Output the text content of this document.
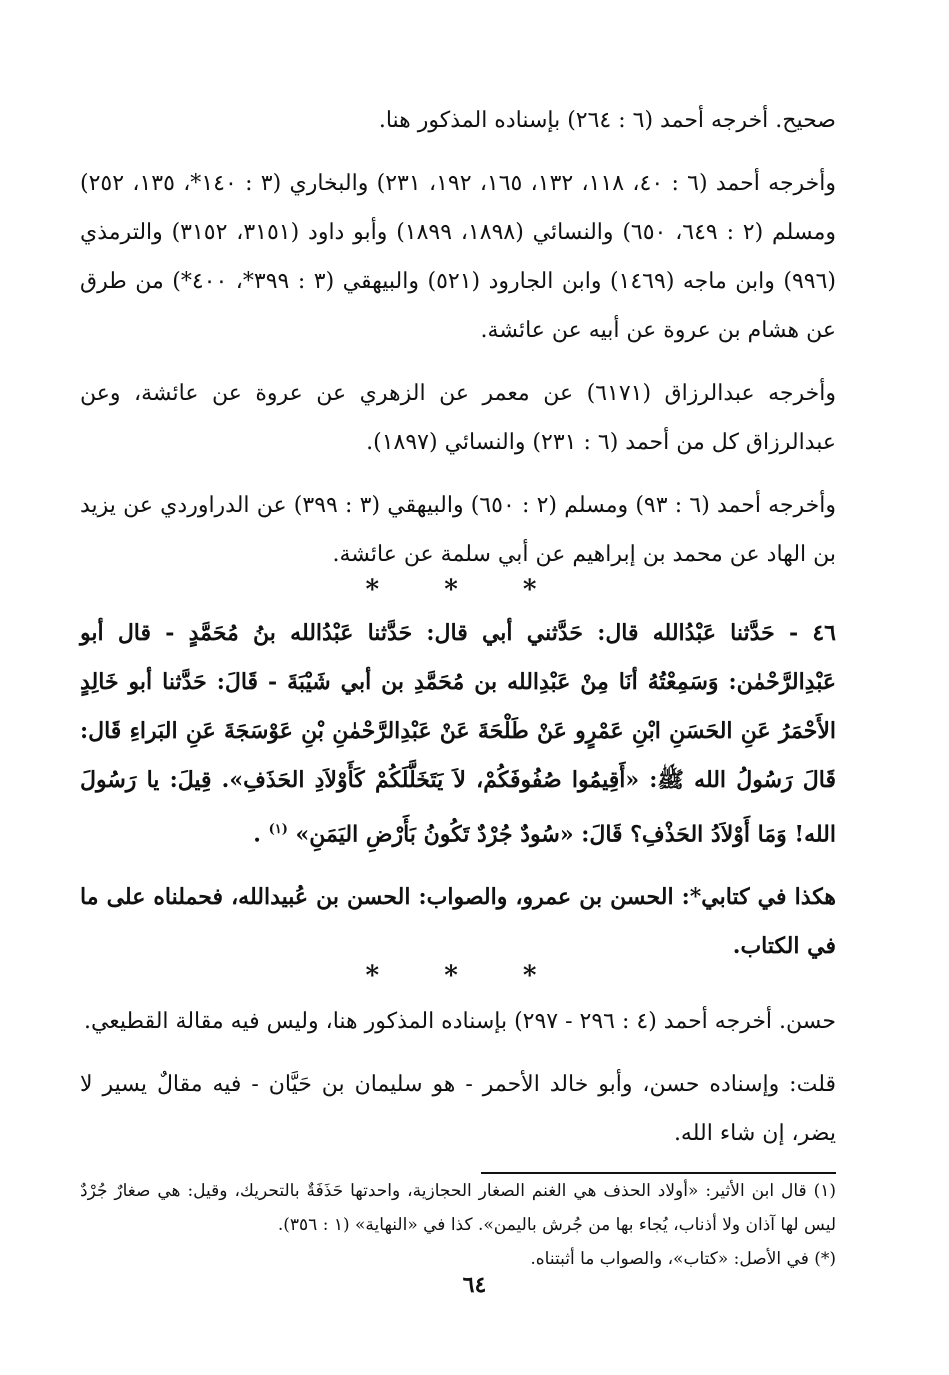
صحيح. أخرجه أحمد (٦ : ٢٦٤) بإسناده المذكور هنا.

وأخرجه أحمد (٦ : ٤٠، ١١٨، ١٣٢، ١٦٥، ١٩٢، ٢٣١) والبخاري (٣ : ١٤٠*، ١٣٥، ٢٥٢) ومسلم (٢ : ٦٤٩، ٦٥٠) والنسائي (١٨٩٨، ١٨٩٩) وأبو داود (٣١٥١، ٣١٥٢) والترمذي (٩٩٦) وابن ماجه (١٤٦٩) وابن الجارود (٥٢١) والبيهقي (٣ : ٣٩٩*، ٤٠٠*) من طرق عن هشام بن عروة عن أبيه عن عائشة.

وأخرجه عبدالرزاق (٦١٧١) عن معمر عن الزهري عن عروة عن عائشة، وعن عبدالرزاق كل من أحمد (٦ : ٢٣١) والنسائي (١٨٩٧).

وأخرجه أحمد (٦ : ٩٣) ومسلم (٢ : ٦٥٠) والبيهقي (٣ : ٣٩٩) عن الدراوردي عن يزيد بن الهاد عن محمد بن إبراهيم عن أبي سلمة عن عائشة.

* * *

٤٦ - حَدَّثنا عَبْدُالله قال: حَدَّثني أبي قال: حَدَّثنا عَبْدُالله بنُ مُحَمَّدٍ - قال أبو عَبْدِالرَّحْمٰن: وَسَمِعْتُهُ أنَا مِنْ عَبْدِالله بن مُحَمَّدِ بن أبي شَيْبَةَ - قَالَ: حَدَّثنا أبو خَالِدٍ الأَحْمَرُ عَنِ الحَسَنِ ابْنِ عَمْرٍو عَنْ طَلْحَةَ عَنْ عَبْدِالرَّحْمٰنِ بْنِ عَوْسَجَةَ عَنِ البَراءِ قَال: قَالَ رَسُولُ الله ﷺ: «أَقِيمُوا صُفُوفَكُمْ، لاَ يَتَخَلَّلَكُمْ كَأَوْلاَدِ الحَذَفِ». قِيلَ: يا رَسُولَ الله! وَمَا أَوْلاَدُ الحَذْفِ؟ قَالَ: «سُودٌ جُرْدٌ تَكُونُ بَأَرْضِ اليَمَنِ» $^{(١)}$ .

هكذا في كتابي*: الحسن بن عمرو، والصواب: الحسن بن عُبيدالله، فحملناه على ما في الكتاب.

* * *

حسن. أخرجه أحمد (٤ : ٢٩٦ - ٢٩٧) بإسناده المذكور هنا، وليس فيه مقالة القطيعي.

قلت: وإسناده حسن، وأبو خالد الأحمر - هو سليمان بن حَيَّان - فيه مقالٌ يسير لا يضر، إن شاء الله.

(١) قال ابن الأثير: «أولاد الحذف هي الغنم الصغار الحجازية، واحدتها حَذَفَةٌ بالتحريك، وقيل: هي صغارٌ جُرْدٌ ليس لها آذان ولا أذناب، يُجاء بها من جُرش باليمن». كذا في «النهاية» (١ : ٣٥٦).

(*) في الأصل: «كتاب»، والصواب ما أثبتناه.

٦٤
